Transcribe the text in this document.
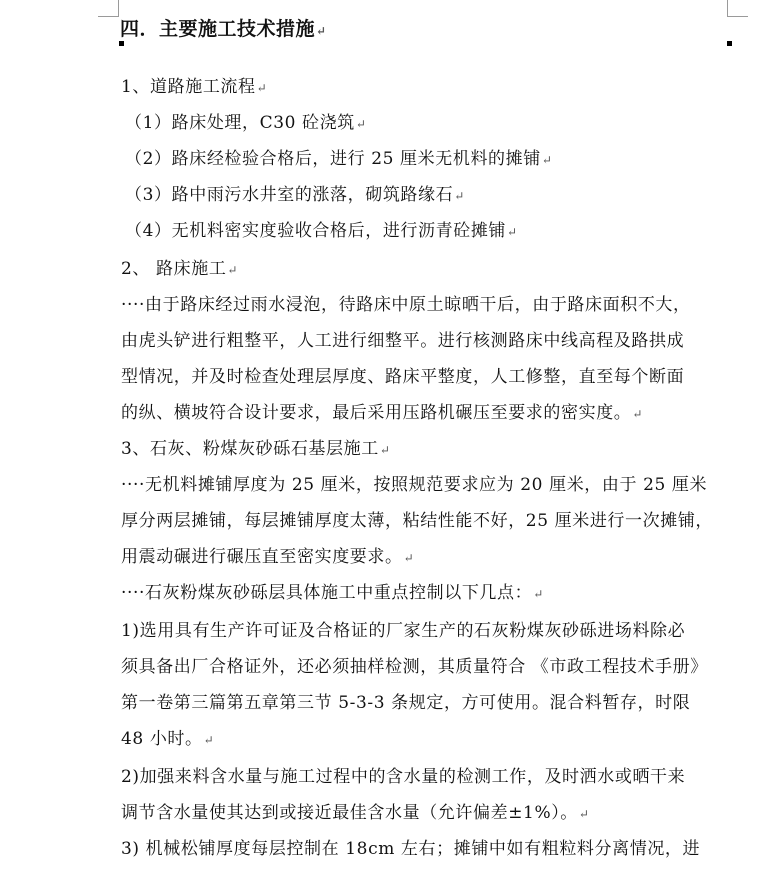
四．主要施工技术措施↵
1、道路施工流程↵
（1）路床处理，C30 砼浇筑↵
（2）路床经检验合格后，进行 25 厘米无机料的摊铺↵
（3）路中雨污水井室的涨落，砌筑路缘石↵
（4）无机料密实度验收合格后，进行沥青砼摊铺↵
2、 路床施工↵
····由于路床经过雨水浸泡，待路床中原土晾晒干后，由于路床面积不大，
由虎头铲进行粗整平，人工进行细整平。进行核测路床中线高程及路拱成
型情况，并及时检查处理层厚度、路床平整度，人工修整，直至每个断面
的纵、横坡符合设计要求，最后采用压路机碾压至要求的密实度。↵
3、石灰、粉煤灰砂砾石基层施工↵
····无机料摊铺厚度为 25 厘米，按照规范要求应为 20 厘米，由于 25 厘米
厚分两层摊铺，每层摊铺厚度太薄，粘结性能不好，25 厘米进行一次摊铺，
用震动碾进行碾压直至密实度要求。↵
····石灰粉煤灰砂砾层具体施工中重点控制以下几点：↵
1)选用具有生产许可证及合格证的厂家生产的石灰粉煤灰砂砾进场料除必
须具备出厂合格证外，还必须抽样检测，其质量符合 《市政工程技术手册》
第一卷第三篇第五章第三节 5-3-3 条规定，方可使用。混合料暂存，时限
48 小时。↵
2)加强来料含水量与施工过程中的含水量的检测工作，及时洒水或晒干来
调节含水量使其达到或接近最佳含水量（允许偏差±1%）。↵
3) 机械松铺厚度每层控制在 18cm 左右；摊铺中如有粗粒料分离情况，进
